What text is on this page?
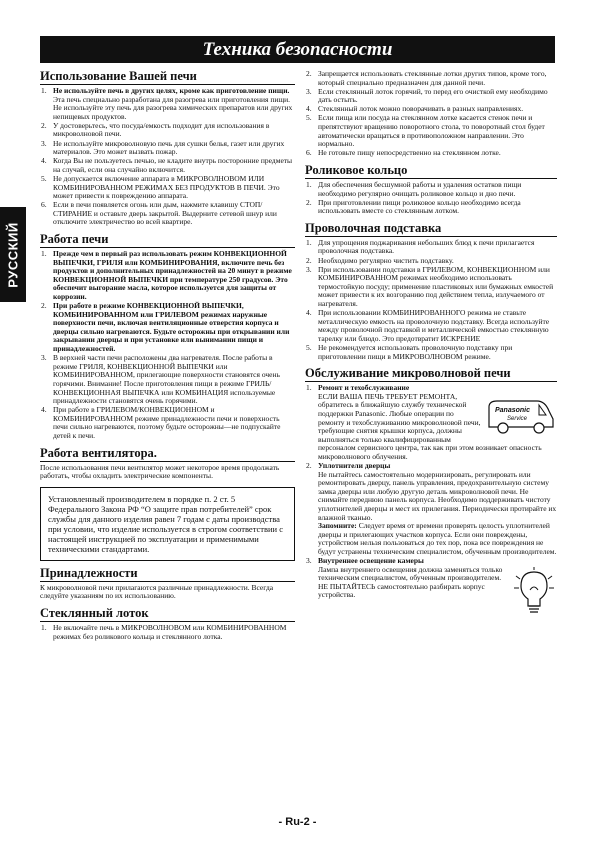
Техника безопасности
РУССКИЙ
Использование Вашей печи
1. Не используйте печь в других целях, кроме как приготовление пищи. Эта печь специально разработана для разогрева или приготовления пищи. Не используйте эту печь для разогрева химических препаратов или других непищевых продуктов.
2. У достоверьтесь, что посуда/емкость подходит для использования в микроволновой печи.
3. Не используйте микроволновую печь для сушки белья, газет или других материалов. Это может вызвать пожар.
4. Когда Вы не пользуетесь печью, не кладите внутрь посторонние предметы на случай, если она случайно включится.
5. Не допускается включение аппарата в МИКРОВОЛНОВОМ ИЛИ КОМБИНИРОВАННОМ РЕЖИМАХ БЕЗ ПРОДУКТОВ В ПЕЧИ. Это может привести к повреждению аппарата.
6. Если в печи появляется огонь или дым, нажмите клавишу СТОП/СТИРАНИЕ и оставьте дверь закрытой. Выдерните сетевой шнур или отключите электричество во всей квартире.
Работа печи
1. Прежде чем в первый раз использовать режим КОНВЕКЦИОННОЙ ВЫПЕЧКИ, ГРИЛЯ или КОМБИНИРОВАНИЯ, включите печь без продуктов и дополнительных принадлежностей на 20 минут в режиме КОНВЕКЦИОННОЙ ВЫПЕЧКИ при температуре 250 градусов. Это обеспечит выгорание масла, которое используется для защиты от коррозии.
2. При работе в режиме КОНВЕКЦИОННОЙ ВЫПЕЧКИ, КОМБИНИРОВАННОМ или ГРИЛЕВОМ режимах наружные поверхности печи, включая вентиляционные отверстия корпуса и дверцы сильно нагреваются. Будьте осторожны при открывании или закрывании дверцы и при установке или вынимании пищи и принадлежностей.
3. В верхней части печи расположены два нагревателя. После работы в режиме ГРИЛЯ, КОНВЕКЦИОННОЙ ВЫПЕЧКИ или КОМБИНИРОВАННОМ, прилегающие поверхности становятся очень горячими. Внимание! После приготовления пищи в режиме ГРИЛЬ/КОНВЕКЦИОННАЯ ВЫПЕЧКА или КОМБИНАЦИЯ используемые принадлежности становятся очень горячими.
4. При работе в ГРИЛЕВОМ/КОНВЕКЦИОННОМ и КОМБИНИРОВАННОМ режиме принадлежности печи и поверхность печи сильно нагреваются, поэтому будьте осторожны—не подпускайте детей к печи.
Работа вентилятора.

После использования печи вентилятор может некоторое время продолжать работать, чтобы охладить электрические компоненты.

Установленный производителем в порядке п. 2 ст. 5 Федерального Закона РФ “О защите прав потребителей” срок службы для данного изделия равен 7 годам с даты производства при условии, что изделие используется в строгом соответствии с настоящей инструкцией по эксплуатации и применимыми техническими стандартами.
Принадлежности

К микроволновой печи прилагаются различные принадлежности. Всегда следуйте указаниям по их использованию.

Стеклянный лоток
1. Не включайте печь в МИКРОВОЛНОВОМ или КОМБИНИРОВАННОМ режимах без роликового кольца и стеклянного лотка.
2. Запрещается использовать стеклянные лотки других типов, кроме того, который специально предназначен для данной печи.
3. Если стеклянный лоток горячий, то перед его очисткой ему необходимо дать остыть.
4. Стеклянный лоток можно поворачивать в разных направлениях.
5. Если пища или посуда на стеклянном лотке касается стенок печи и препятствуют вращению поворотного стола, то поворотный стол будет автоматически вращаться в противоположном направлении. Это нормально.
6. Не готовьте пищу непосредственно на стеклянном лотке.
Роликовое кольцо
1. Для обеспечения бесшумной работы и удаления остатков пищи необходимо регулярно очищать роликовое кольцо и дно печи.
2. При приготовлении пищи роликовое кольцо необходимо всегда использовать вместе со стеклянным лотком.
Проволочная подставка
1. Для упрощения поджаривания небольших блюд к печи прилагается проволочная подставка.
2. Необходимо регулярно чистить подставку.
3. При использовании подставки в ГРИЛЕВОМ, КОНВЕКЦИОННОМ или КОМБИНИРОВАННОМ режимах необходимо использовать термостойкую посуду; применение пластиковых или бумажных емкостей может привести к их возгоранию под действием тепла, излучаемого от нагревателя.
4. При использовании КОМБИНИРОВАННОГО режима не ставьте металлическую емкость на проволочную подставку. Всегда используйте между проволочной подставкой и металлической емкостью стеклянную тарелку или блюдо. Это предотвратит ИСКРЕНИЕ
5. Не рекомендуется использовать проволочную подставку при приготовлении пищи в МИКРОВОЛНОВОМ режиме.
Обслуживание микроволновой печи
1. Ремонт и техобслуживание

Panasonic
Service
ЕСЛИ ВАША ПЕЧЬ ТРЕБУЕТ РЕМОНТА, обратитесь в ближайшую службу технической поддержки Panasonic. Любые операции по ремонту и техобслуживанию микроволновой печи, требующие снятия крышки корпуса, должны выполняться только квалифицированным персоналом сервисного центра, так как при этом возникает опасность микроволнового облучения.
2. Уплотнители дверцы
Не пытайтесь самостоятельно модернизировать, регулировать или ремонтировать дверцу, панель управления, предохранительную систему замка дверцы или любую другую деталь микроволновой печи. Не снимайте переднюю панель корпуса. Необходимо поддерживать чистоту уплотнителей дверцы и мест их прилегания. Периодически протирайте их влажной тканью.
Запомните: Следует время от времени проверять целость уплотнителей дверцы и прилегающих участков корпуса. Если они повреждены, устройством нельзя пользоваться до тех пор, пока все повреждения не будут устранены техническим специалистом, обученным производителем.
3. Внутреннее освещение камеры

Лампа внутреннего освещения должна заменяться только техническим специалистом, обученным производителем. НЕ ПЫТАЙТЕСЬ самостоятельно разбирать корпус устройства.
- Ru-2 -
